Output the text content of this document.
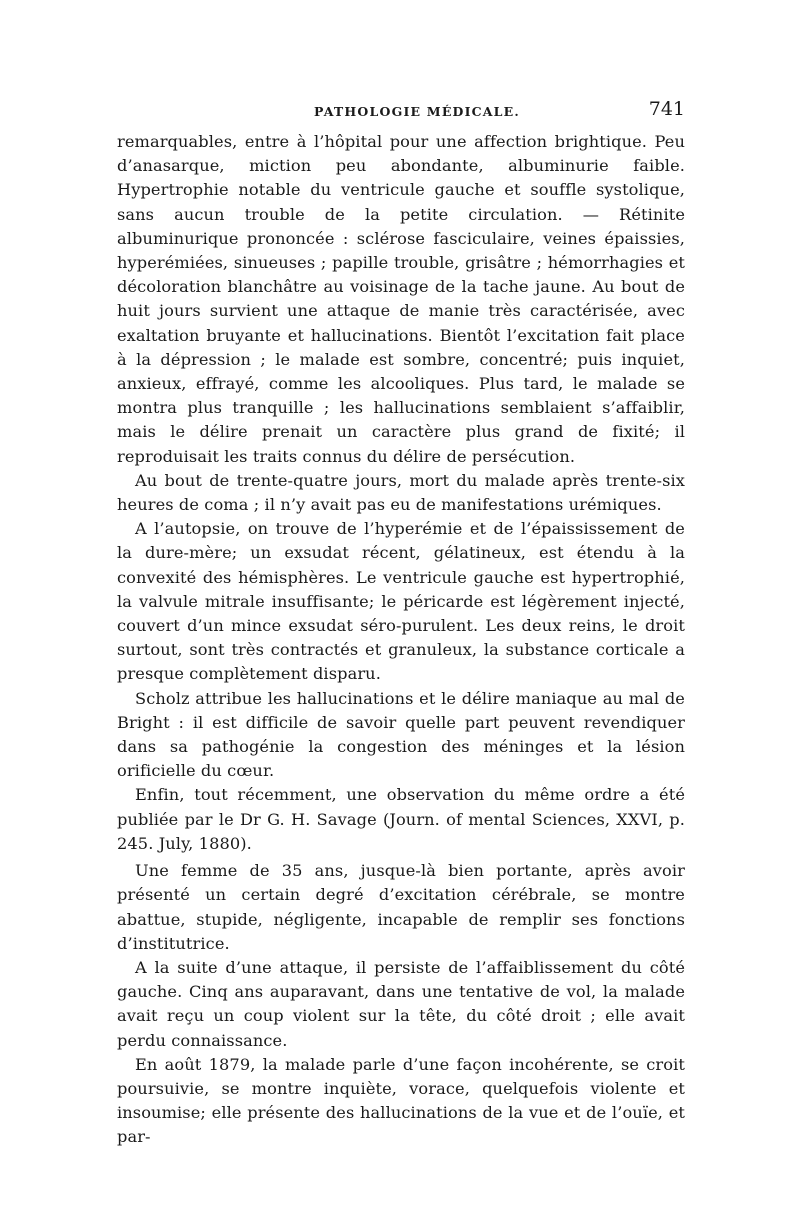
PATHOLOGIE MÉDICALE.	741

remarquables, entre à l’hôpital pour une affection brightique. Peu d’anasarque, miction peu abondante, albuminurie faible. Hypertrophie notable du ventricule gauche et souffle systolique, sans aucun trouble de la petite circulation. — Rétinite albuminurique prononcée : sclérose fasciculaire, veines épaissies, hyperémiées, sinueuses ; papille trouble, grisâtre ; hémorrhagies et décoloration blanchâtre au voisinage de la tache jaune. Au bout de huit jours survient une attaque de manie très caractérisée, avec exaltation bruyante et hallucinations. Bientôt l’excitation fait place à la dépression ; le malade est sombre, concentré; puis inquiet, anxieux, effrayé, comme les alcooliques. Plus tard, le malade se montra plus tranquille ; les hallucinations semblaient s’affaiblir, mais le délire prenait un caractère plus grand de fixité; il reproduisait les traits connus du délire de persécution.

Au bout de trente-quatre jours, mort du malade après trente-six heures de coma ; il n’y avait pas eu de manifestations urémiques.

A l’autopsie, on trouve de l’hyperémie et de l’épaississement de la dure-mère; un exsudat récent, gélatineux, est étendu à la convexité des hémisphères. Le ventricule gauche est hypertrophié, la valvule mitrale insuffisante; le péricarde est légèrement injecté, couvert d’un mince exsudat séro-purulent. Les deux reins, le droit surtout, sont très contractés et granuleux, la substance corticale a presque complètement disparu.

Scholz attribue les hallucinations et le délire maniaque au mal de Bright : il est difficile de savoir quelle part peuvent revendiquer dans sa pathogénie la congestion des méninges et la lésion orificielle du cœur.

Enfin, tout récemment, une observation du même ordre a été publiée par le Dr G. H. Savage (Journ. of mental Sciences, XXVI, p. 245. July, 1880).

Une femme de 35 ans, jusque-là bien portante, après avoir présenté un certain degré d’excitation cérébrale, se montre abattue, stupide, négligente, incapable de remplir ses fonctions d’institutrice.

A la suite d’une attaque, il persiste de l’affaiblissement du côté gauche. Cinq ans auparavant, dans une tentative de vol, la malade avait reçu un coup violent sur la tête, du côté droit ; elle avait perdu connaissance.

En août 1879, la malade parle d’une façon incohérente, se croit poursuivie, se montre inquiète, vorace, quelquefois violente et insoumise; elle présente des hallucinations de la vue et de l’ouïe, et par-
